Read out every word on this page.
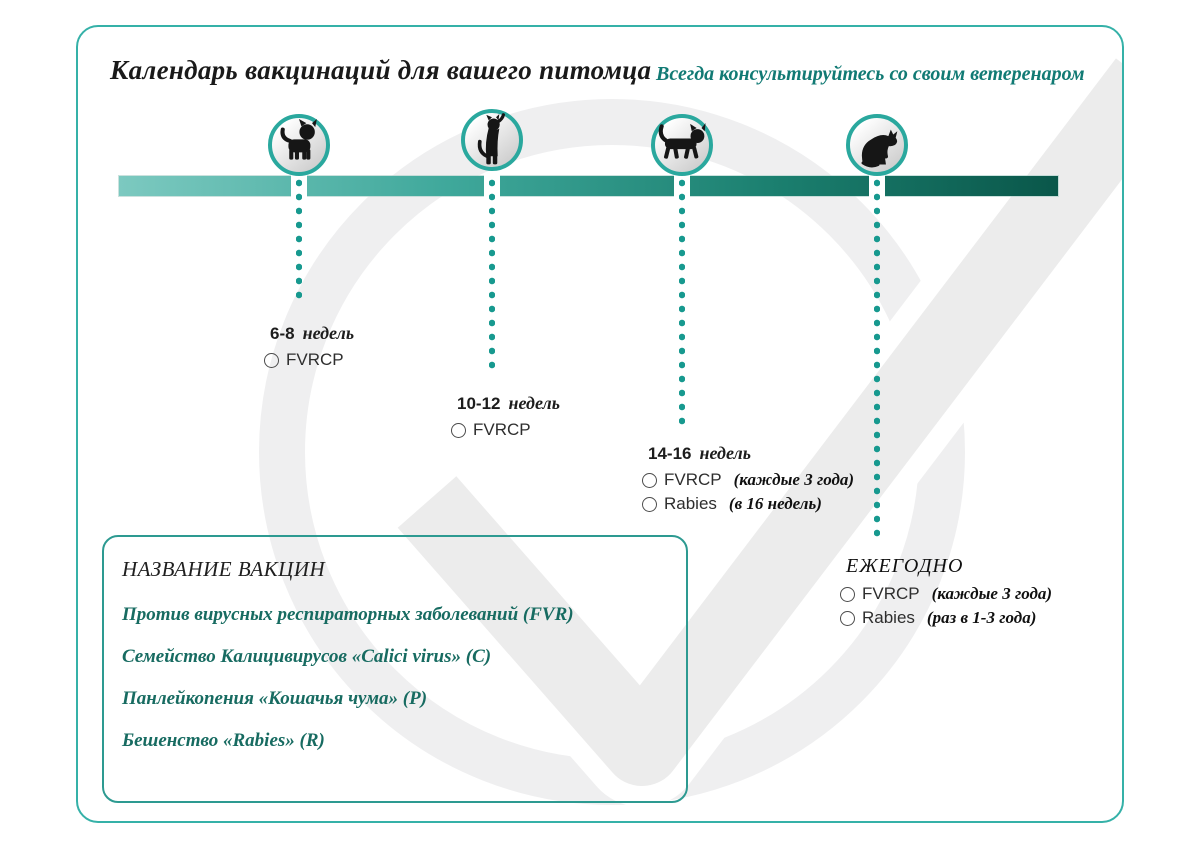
Календарь вакцинаций для вашего питомца Всегда консультируйтесь со своим ветеренаром
6-8 недель
FVRCP
10-12 недель
FVRCP
14-16 недель
FVRCP (каждые 3 года)
Rabies (в 16 недель)
ЕЖЕГОДНО
FVRCP (каждые 3 года)
Rabies (раз в 1-3 года)
НАЗВАНИЕ ВАКЦИН
Против вирусных респираторных заболеваний (FVR)
Семейство Калицивирусов «Calici virus» (C)
Панлейкопения «Кошачья чума» (P)
Бешенство «Rabies» (R)
